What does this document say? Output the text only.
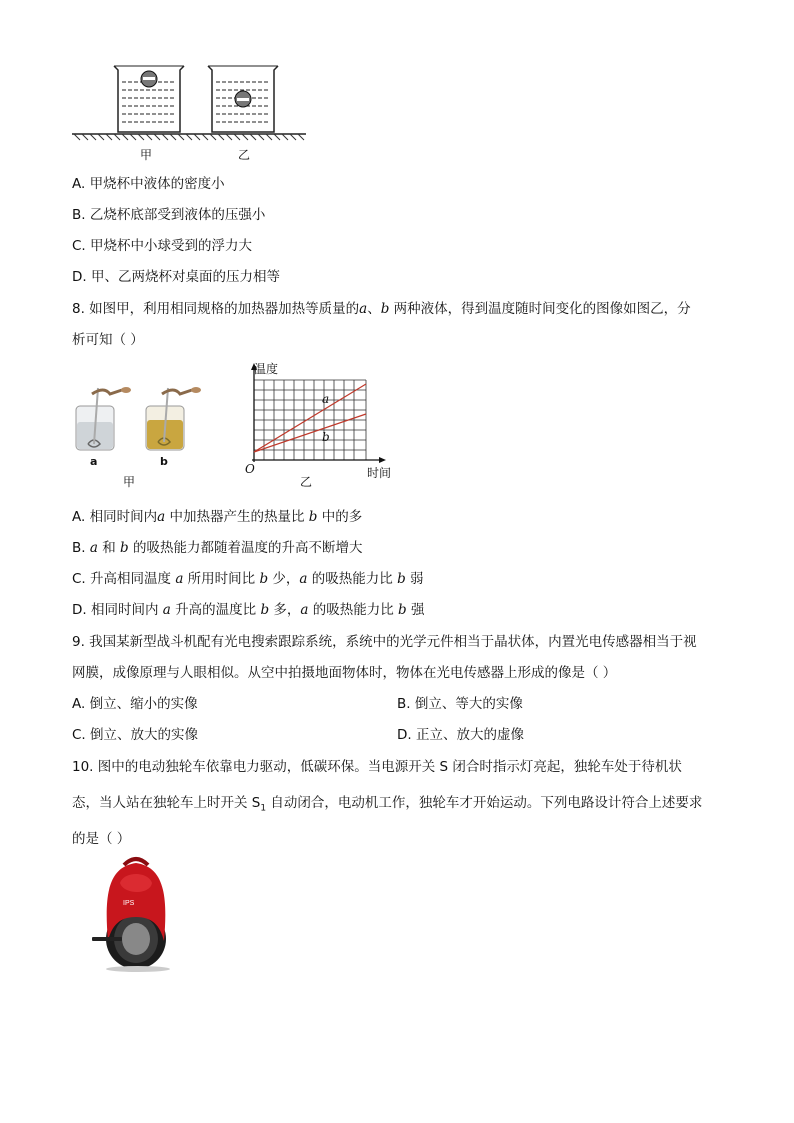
甲	乙
A. 甲烧杯中液体的密度小
B. 乙烧杯底部受到液体的压强小
C. 甲烧杯中小球受到的浮力大
D. 甲、乙两烧杯对桌面的压力相等
8. 如图甲，利用相同规格的加热器加热等质量的a、b 两种液体，得到温度随时间变化的图像如图乙，分
析可知（ ）
a	b
甲
温度
a
b
O	时间
乙
A. 相同时间内a 中加热器产生的热量比 b 中的多
B. a 和 b 的吸热能力都随着温度的升高不断增大
C. 升高相同温度 a 所用时间比 b 少，a 的吸热能力比 b 弱
D. 相同时间内 a 升高的温度比 b 多，a 的吸热能力比 b 强
9. 我国某新型战斗机配有光电搜索跟踪系统，系统中的光学元件相当于晶状体，内置光电传感器相当于视
网膜，成像原理与人眼相似。从空中拍摄地面物体时，物体在光电传感器上形成的像是（ ）
A. 倒立、缩小的实像	B. 倒立、等大的实像
C. 倒立、放大的实像	D. 正立、放大的虚像
10. 图中的电动独轮车依靠电力驱动，低碳环保。当电源开关 S 闭合时指示灯亮起，独轮车处于待机状
态，当人站在独轮车上时开关 $S_1$ 自动闭合，电动机工作，独轮车才开始运动。下列电路设计符合上述要求
的是（ ）
IPS
